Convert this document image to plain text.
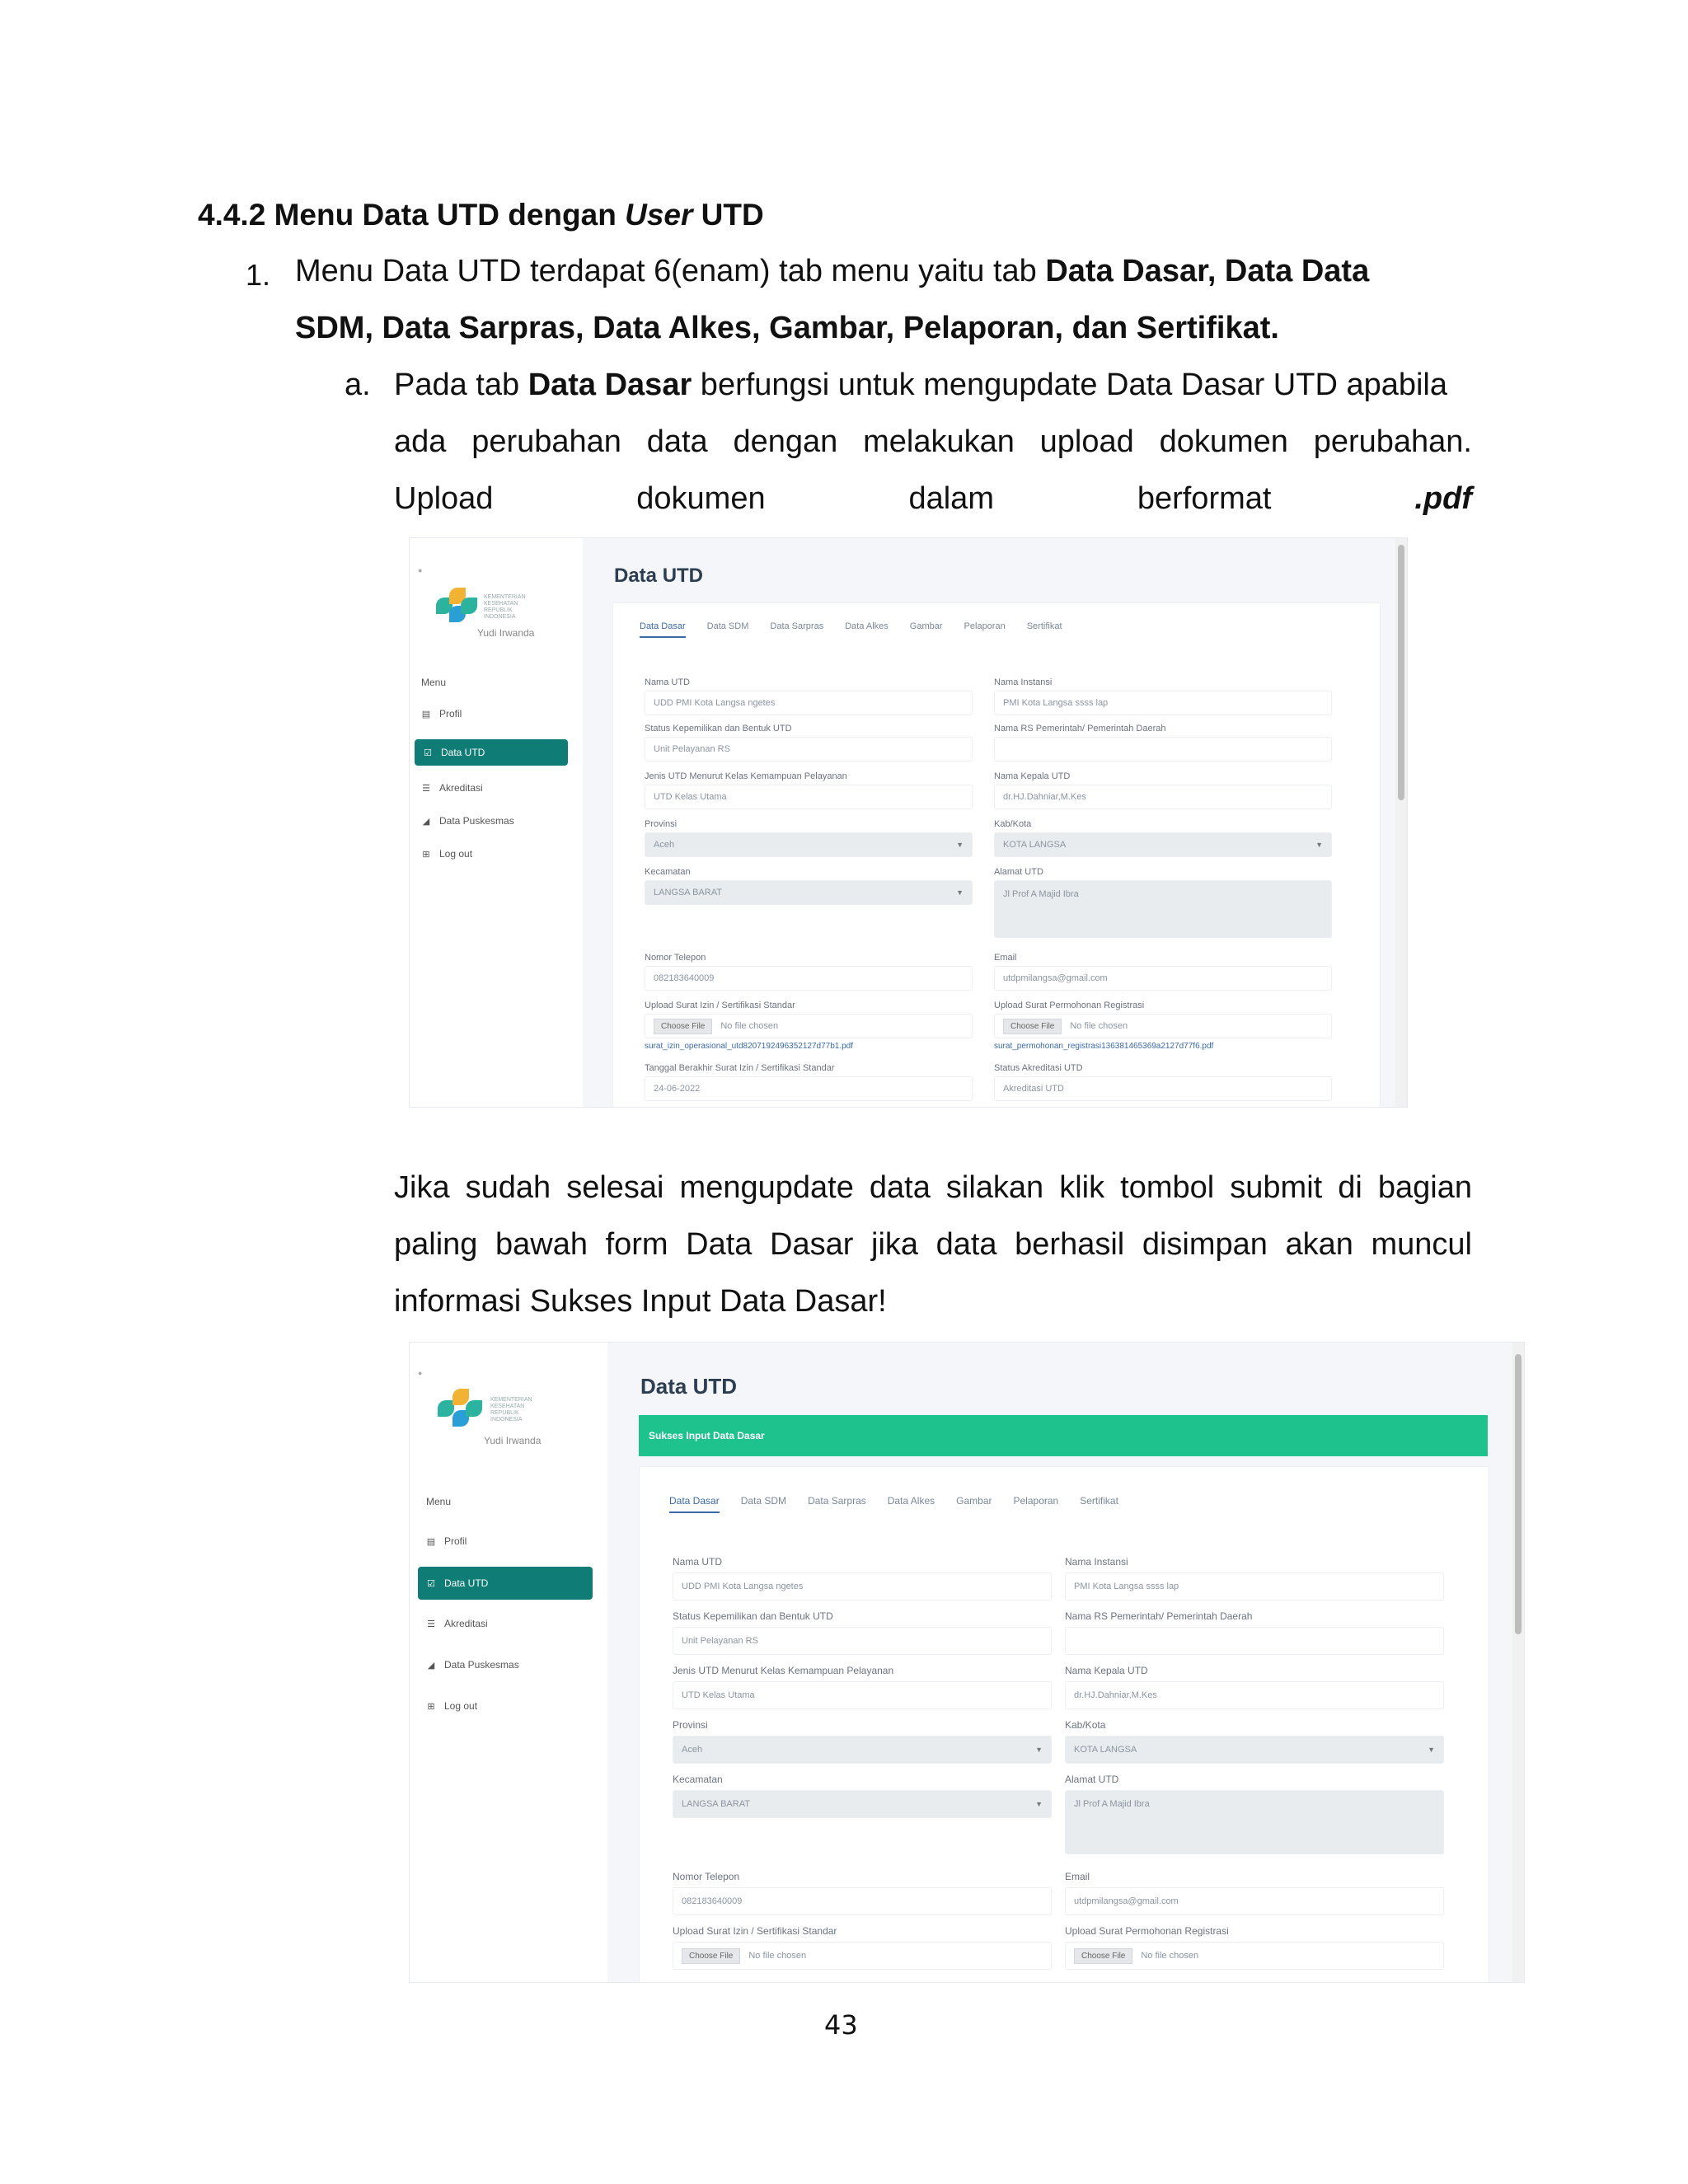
4.4.2 Menu Data UTD dengan User UTD
1. Menu Data UTD terdapat 6(enam) tab menu yaitu tab Data Dasar, Data Data
SDM, Data Sarpras, Data Alkes, Gambar, Pelaporan, dan Sertifikat.
a. Pada tab Data Dasar berfungsi untuk mengupdate Data Dasar UTD apabila
ada perubahan data dengan melakukan upload dokumen perubahan.
Upload	dokumen	dalam	berformat	.pdf
●
KEMENTERIAN
KESEHATAN
REPUBLIK
INDONESIA
Yudi Irwanda
Menu
▤ Profil
☑ Data UTD
☰ Akreditasi
◢ Data Puskesmas
⊞ Log out
Data UTD
Data Dasar Data SDM Data Sarpras Data Alkes Gambar Pelaporan Sertifikat
Nama UTD
UDD PMI Kota Langsa ngetes
Nama Instansi
PMI Kota Langsa ssss lap
Status Kepemilikan dan Bentuk UTD
Unit Pelayanan RS
Nama RS Pemerintah/ Pemerintah Daerah
Jenis UTD Menurut Kelas Kemampuan Pelayanan
UTD Kelas Utama
Nama Kepala UTD
dr.HJ.Dahniar,M.Kes
Provinsi
Aceh	▼
Kab/Kota
KOTA LANGSA	▼
Kecamatan
LANGSA BARAT	▼
Alamat UTD
Jl Prof A Majid Ibra
Nomor Telepon
082183640009
Email
utdpmilangsa@gmail.com
Upload Surat Izin / Sertifikasi Standar
Choose File	No file chosen
Upload Surat Permohonan Registrasi
Choose File	No file chosen
surat_izin_operasional_utd8207192496352127d77b1.pdf	surat_permohonan_registrasi136381465369a2127d77f6.pdf
Tanggal Berakhir Surat Izin / Sertifikasi Standar
24-06-2022
Status Akreditasi UTD
Akreditasi UTD
Jika sudah selesai mengupdate data silakan klik tombol submit di bagian
paling bawah form Data Dasar jika data berhasil disimpan akan muncul
informasi Sukses Input Data Dasar!
●
KEMENTERIAN
KESEHATAN
REPUBLIK
INDONESIA
Yudi Irwanda
Menu
▤ Profil
☑ Data UTD
☰ Akreditasi
◢ Data Puskesmas
⊞ Log out
Data UTD
Sukses Input Data Dasar
Data Dasar Data SDM Data Sarpras Data Alkes Gambar Pelaporan Sertifikat
Nama UTD
UDD PMI Kota Langsa ngetes
Nama Instansi
PMI Kota Langsa ssss lap
Status Kepemilikan dan Bentuk UTD
Unit Pelayanan RS
Nama RS Pemerintah/ Pemerintah Daerah
Jenis UTD Menurut Kelas Kemampuan Pelayanan
UTD Kelas Utama
Nama Kepala UTD
dr.HJ.Dahniar,M.Kes
Provinsi
Aceh	▼
Kab/Kota
KOTA LANGSA	▼
Kecamatan
LANGSA BARAT	▼
Alamat UTD
Jl Prof A Majid Ibra
Nomor Telepon
082183640009
Email
utdpmilangsa@gmail.com
Upload Surat Izin / Sertifikasi Standar
Choose File	No file chosen
Upload Surat Permohonan Registrasi
Choose File	No file chosen
43
